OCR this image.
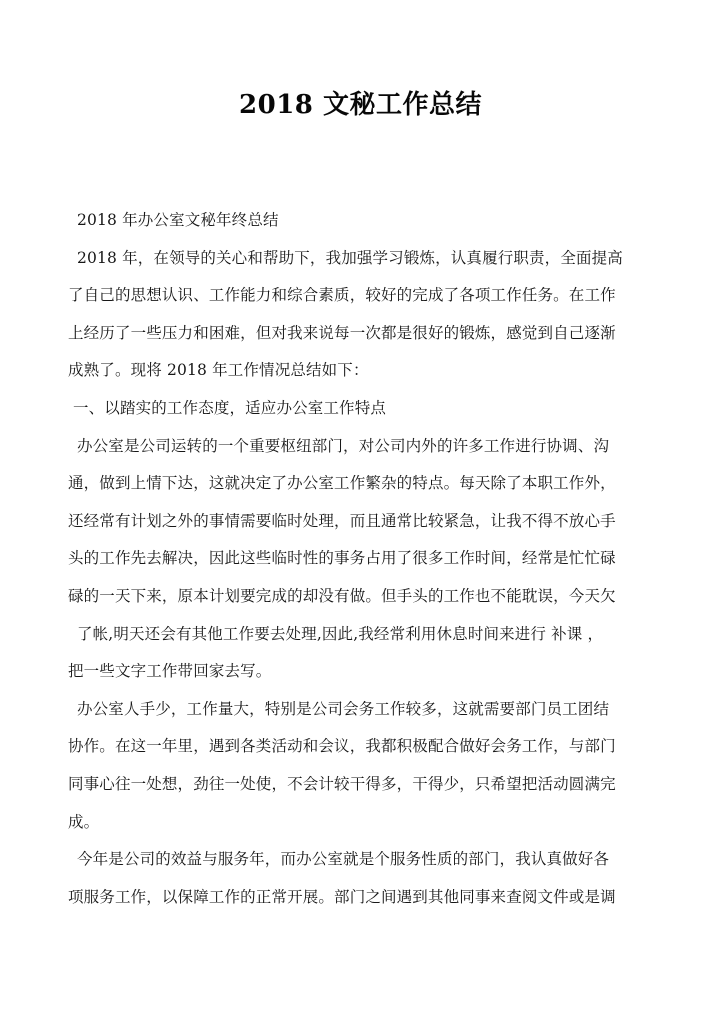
2018 文秘工作总结
2018 年办公室文秘年终总结
2018 年，在领导的关心和帮助下，我加强学习锻炼，认真履行职责，全面提高
了自己的思想认识、工作能力和综合素质，较好的完成了各项工作任务。在工作
上经历了一些压力和困难，但对我来说每一次都是很好的锻炼，感觉到自己逐渐
成熟了。现将 2018 年工作情况总结如下：
一、以踏实的工作态度，适应办公室工作特点
办公室是公司运转的一个重要枢纽部门，对公司内外的许多工作进行协调、沟
通，做到上情下达，这就决定了办公室工作繁杂的特点。每天除了本职工作外，
还经常有计划之外的事情需要临时处理，而且通常比较紧急，让我不得不放心手
头的工作先去解决，因此这些临时性的事务占用了很多工作时间，经常是忙忙碌
碌的一天下来，原本计划要完成的却没有做。但手头的工作也不能耽误，今天欠
了帐,明天还会有其他工作要去处理,因此,我经常利用休息时间来进行 补课 ，
把一些文字工作带回家去写。
办公室人手少，工作量大，特别是公司会务工作较多，这就需要部门员工团结
协作。在这一年里，遇到各类活动和会议，我都积极配合做好会务工作，与部门
同事心往一处想，劲往一处使，不会计较干得多，干得少，只希望把活动圆满完
成。
今年是公司的效益与服务年，而办公室就是个服务性质的部门，我认真做好各
项服务工作，以保障工作的正常开展。部门之间遇到其他同事来查阅文件或是调
